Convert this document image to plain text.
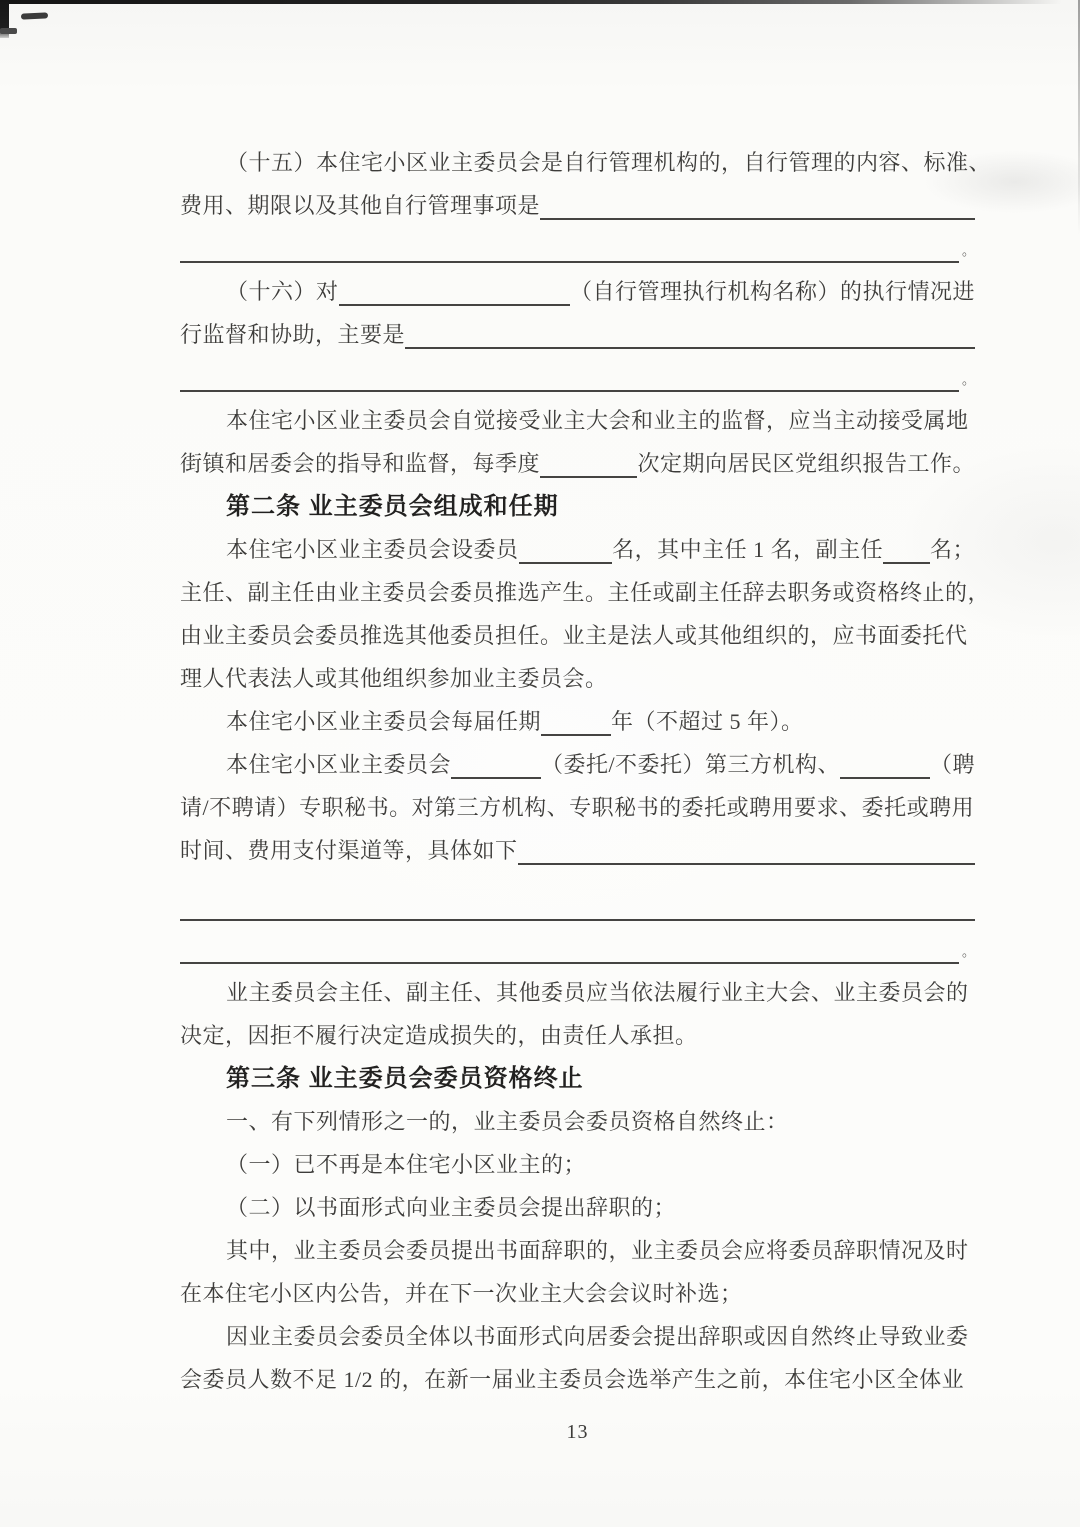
（十五）本住宅小区业主委员会是自行管理机构的，自行管理的内容、标准、
费用、期限以及其他自行管理事项是
。
（十六）对	（自行管理执行机构名称）的执行情况进
行监督和协助，主要是
。
本住宅小区业主委员会自觉接受业主大会和业主的监督，应当主动接受属地
街镇和居委会的指导和监督，每季度	次定期向居民区党组织报告工作。
第二条 业主委员会组成和任期
本住宅小区业主委员会设委员	名，其中主任 1 名，副主任 名；
主任、副主任由业主委员会委员推选产生。主任或副主任辞去职务或资格终止的，
由业主委员会委员推选其他委员担任。业主是法人或其他组织的，应书面委托代
理人代表法人或其他组织参加业主委员会。
本住宅小区业主委员会每届任期	年（不超过 5 年）。
本住宅小区业主委员会	（委托/不委托）第三方机构、	（聘
请/不聘请）专职秘书。对第三方机构、专职秘书的委托或聘用要求、委托或聘用
时间、费用支付渠道等，具体如下
。
业主委员会主任、副主任、其他委员应当依法履行业主大会、业主委员会的
决定，因拒不履行决定造成损失的，由责任人承担。
第三条 业主委员会委员资格终止
一、有下列情形之一的，业主委员会委员资格自然终止：
（一）已不再是本住宅小区业主的；
（二）以书面形式向业主委员会提出辞职的；
其中，业主委员会委员提出书面辞职的，业主委员会应将委员辞职情况及时
在本住宅小区内公告，并在下一次业主大会会议时补选；
因业主委员会委员全体以书面形式向居委会提出辞职或因自然终止导致业委
会委员人数不足 1/2 的，在新一届业主委员会选举产生之前，本住宅小区全体业
13
